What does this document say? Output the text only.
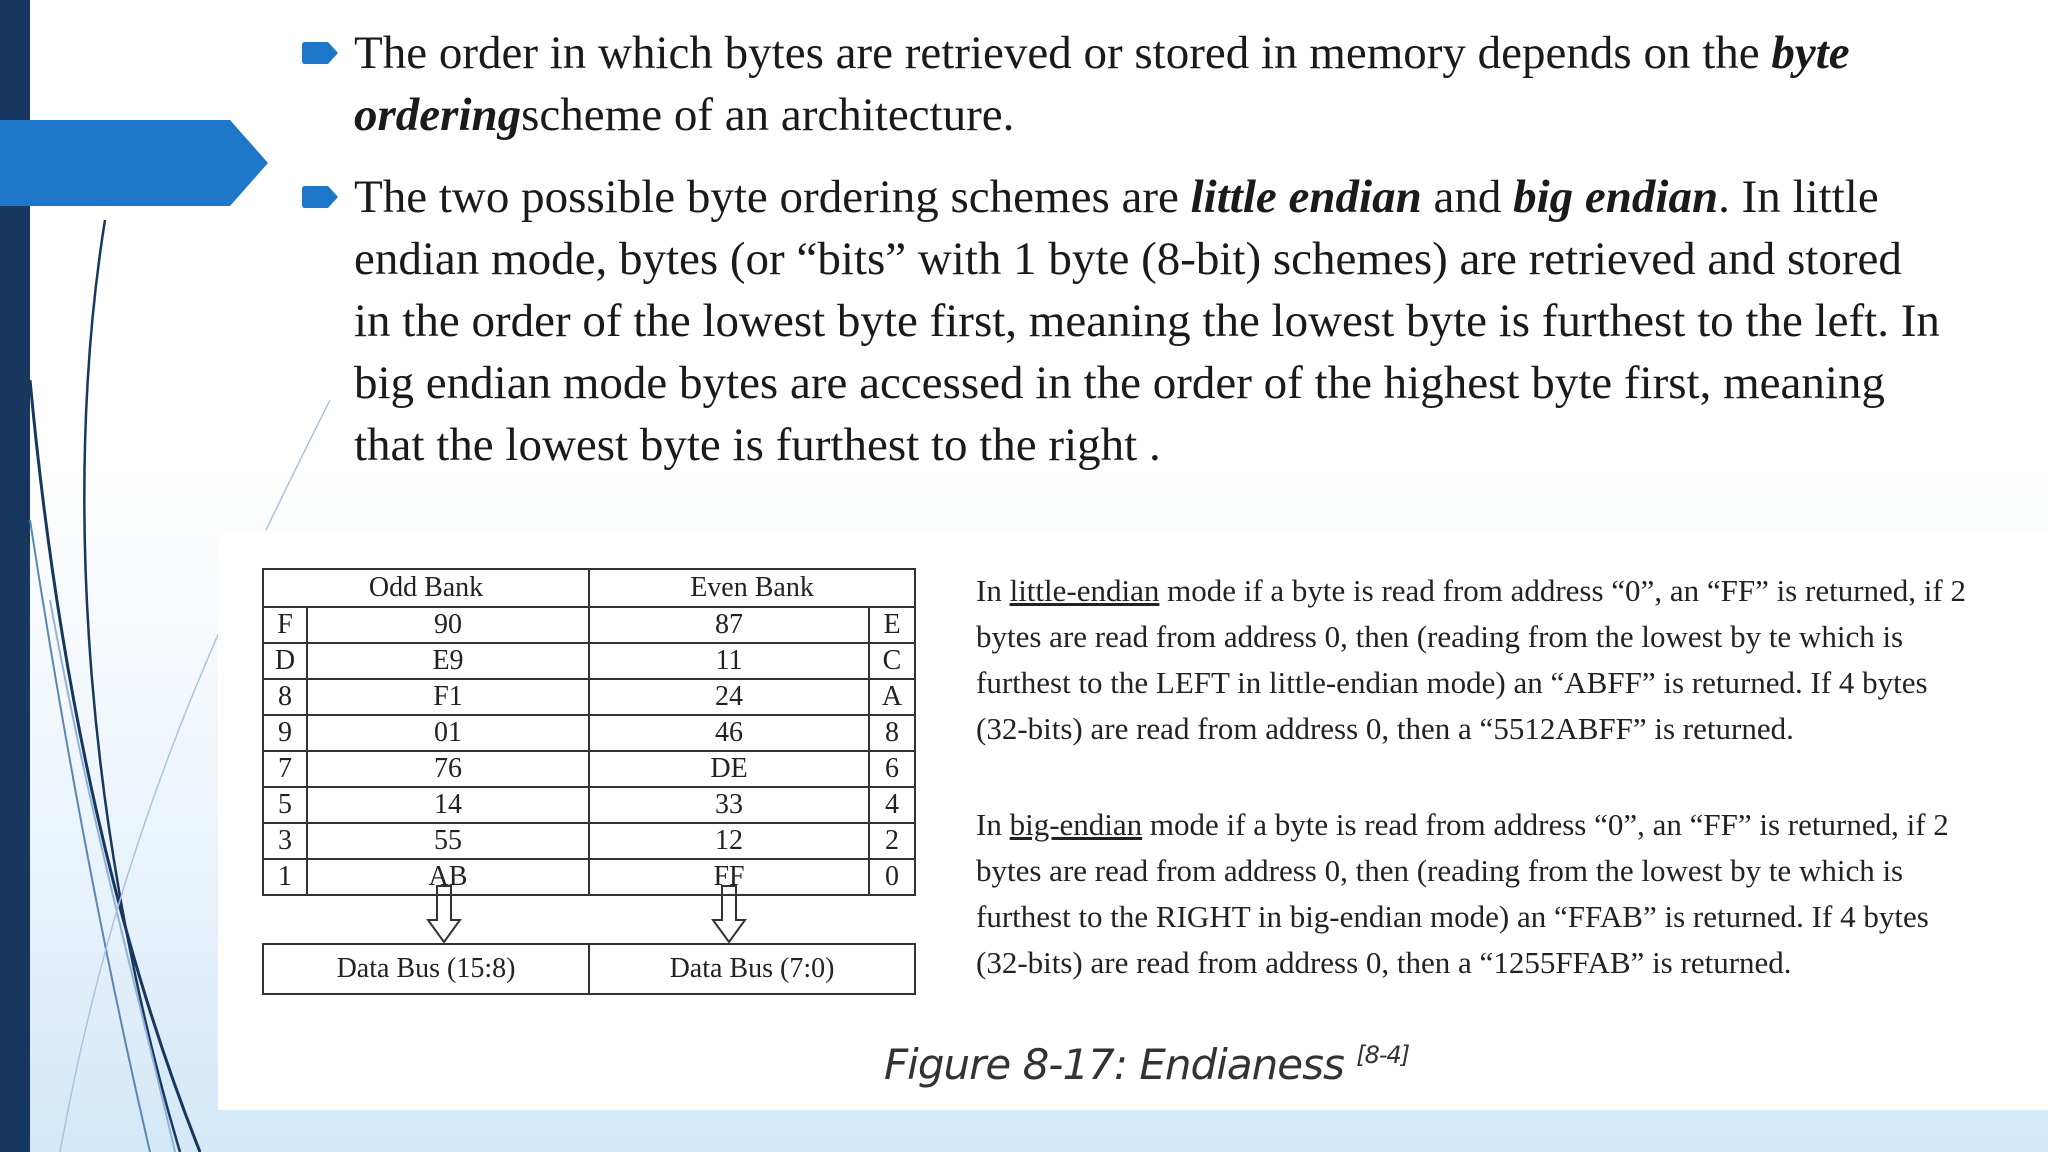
The order in which bytes are retrieved or stored in memory depends on the byte orderingscheme of an architecture.
The two possible byte ordering schemes are little endian and big endian. In little endian mode, bytes (or “bits” with 1 byte (8-bit) schemes) are retrieved and stored in the order of the lowest byte first, meaning the lowest byte is furthest to the left. In big endian mode bytes are accessed in the order of the highest byte first, meaning that the lowest byte is furthest to the right .
Odd Bank		Even Bank	
F	90	87	E
D	E9	11	C
8	F1	24	A
9	01	46	8
7	76	DE	6
5	14	33	4
3	55	12	2
1	AB	FF	0
Data Bus (15:8)	Data Bus (7:0)
In little-endian mode if a byte is read from address “0”, an “FF” is returned, if 2 bytes are read from address 0, then (reading from the lowest by te which is furthest to the LEFT in little-endian mode) an “ABFF” is returned. If 4 bytes (32-bits) are read from address 0, then a “5512ABFF” is returned.
In big-endian mode if a byte is read from address “0”, an “FF” is returned, if 2 bytes are read from address 0, then (reading from the lowest by te which is furthest to the RIGHT in big-endian mode) an “FFAB” is returned. If 4 bytes (32-bits) are read from address 0, then a “1255FFAB” is returned.
Figure 8-17: Endianess [8-4]
